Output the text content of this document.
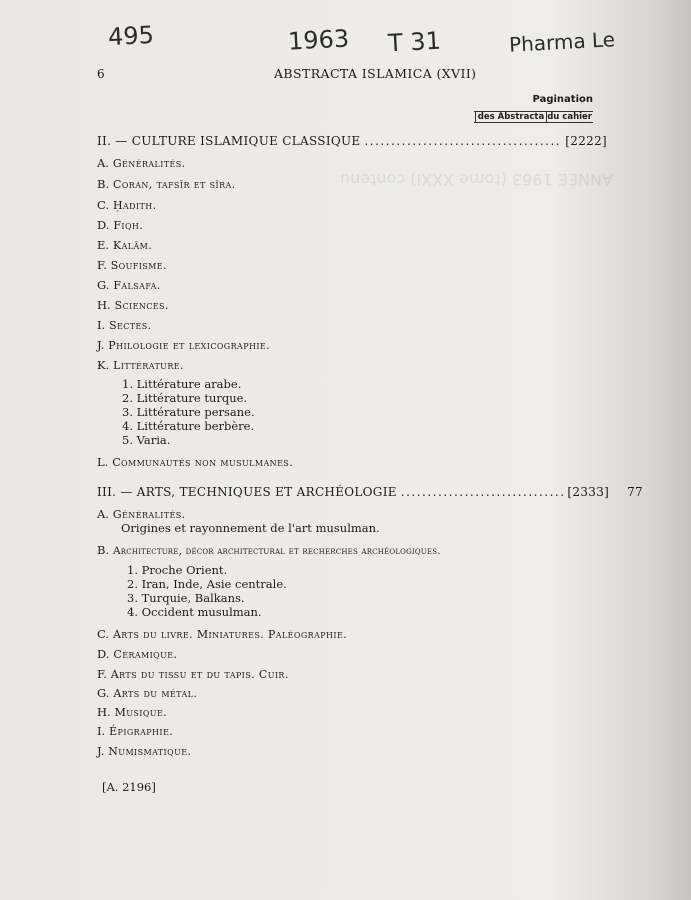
ANNÉE 1963 (tome XXXI) contenu
495	1963 T 31	Pharma Le
6	ABSTRACTA ISLAMICA (XVII)
Pagination
des Abstracta du cahier
II. — CULTURE ISLAMIQUE CLASSIQUE .....	[2222]
A. Généralités.
B. Coran, tafsīr et sīra.
C. Ḥadith.
D. Fiqh.
E. Kalām.
F. Soufisme.
G. Falsafa.
H. Sciences.
I. Sectes.
J. Philologie et lexicographie.
K. Littérature.
1. Littérature arabe.
2. Littérature turque.
3. Littérature persane.
4. Littérature berbère.
5. Varia.
L. Communautés non musulmanes.
III. — ARTS, TECHNIQUES ET ARCHÉOLOGIE .....	[2333] 77
A. Généralités.
Origines et rayonnement de l'art musulman.
B. Architecture, décor architectural et recherches archéologiques.
1. Proche Orient.
2. Iran, Inde, Asie centrale.
3. Turquie, Balkans.
4. Occident musulman.
C. Arts du livre. Miniatures. Paléographie.
D. Céramique.
F. Arts du tissu et du tapis. Cuir.
G. Arts du métal.
H. Musique.
I. Épigraphie.
J. Numismatique.
[A. 2196]
